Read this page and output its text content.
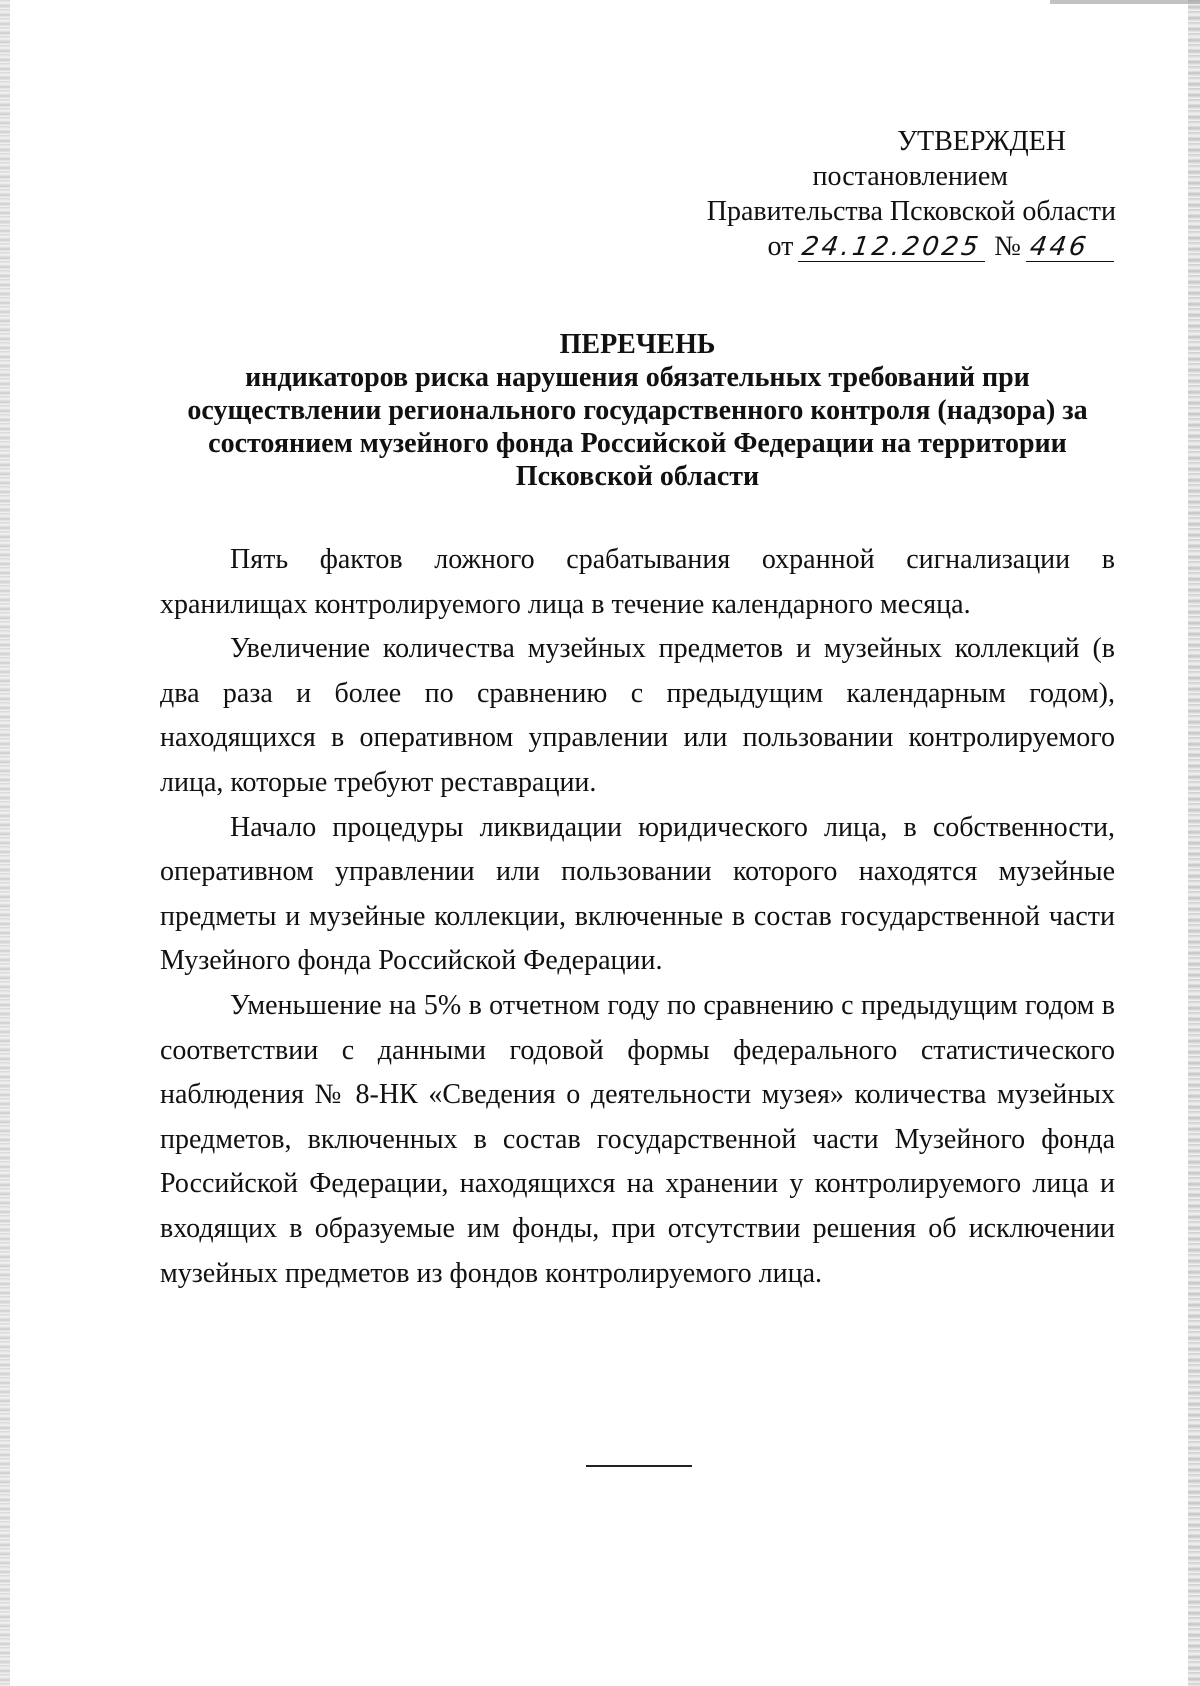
УТВЕРЖДЕН
постановлением
Правительства Псковской области
от 24.12.2025 № 446
ПЕРЕЧЕНЬ
индикаторов риска нарушения обязательных требований при осуществлении регионального государственного контроля (надзора) за состоянием музейного фонда Российской Федерации на территории Псковской области

Пять фактов ложного срабатывания охранной сигнализации в хранилищах контролируемого лица в течение календарного месяца.

Увеличение количества музейных предметов и музейных коллекций (в два раза и более по сравнению с предыдущим календарным годом), находящихся в оперативном управлении или пользовании контролируемого лица, которые требуют реставрации.

Начало процедуры ликвидации юридического лица, в собственности, оперативном управлении или пользовании которого находятся музейные предметы и музейные коллекции, включенные в состав государственной части Музейного фонда Российской Федерации.

Уменьшение на 5% в отчетном году по сравнению с предыдущим годом в соответствии с данными годовой формы федерального статистического наблюдения № 8-НК «Сведения о деятельности музея» количества музейных предметов, включенных в состав государственной части Музейного фонда Российской Федерации, находящихся на хранении у контролируемого лица и входящих в образуемые им фонды, при отсутствии решения об исключении музейных предметов из фондов контролируемого лица.
